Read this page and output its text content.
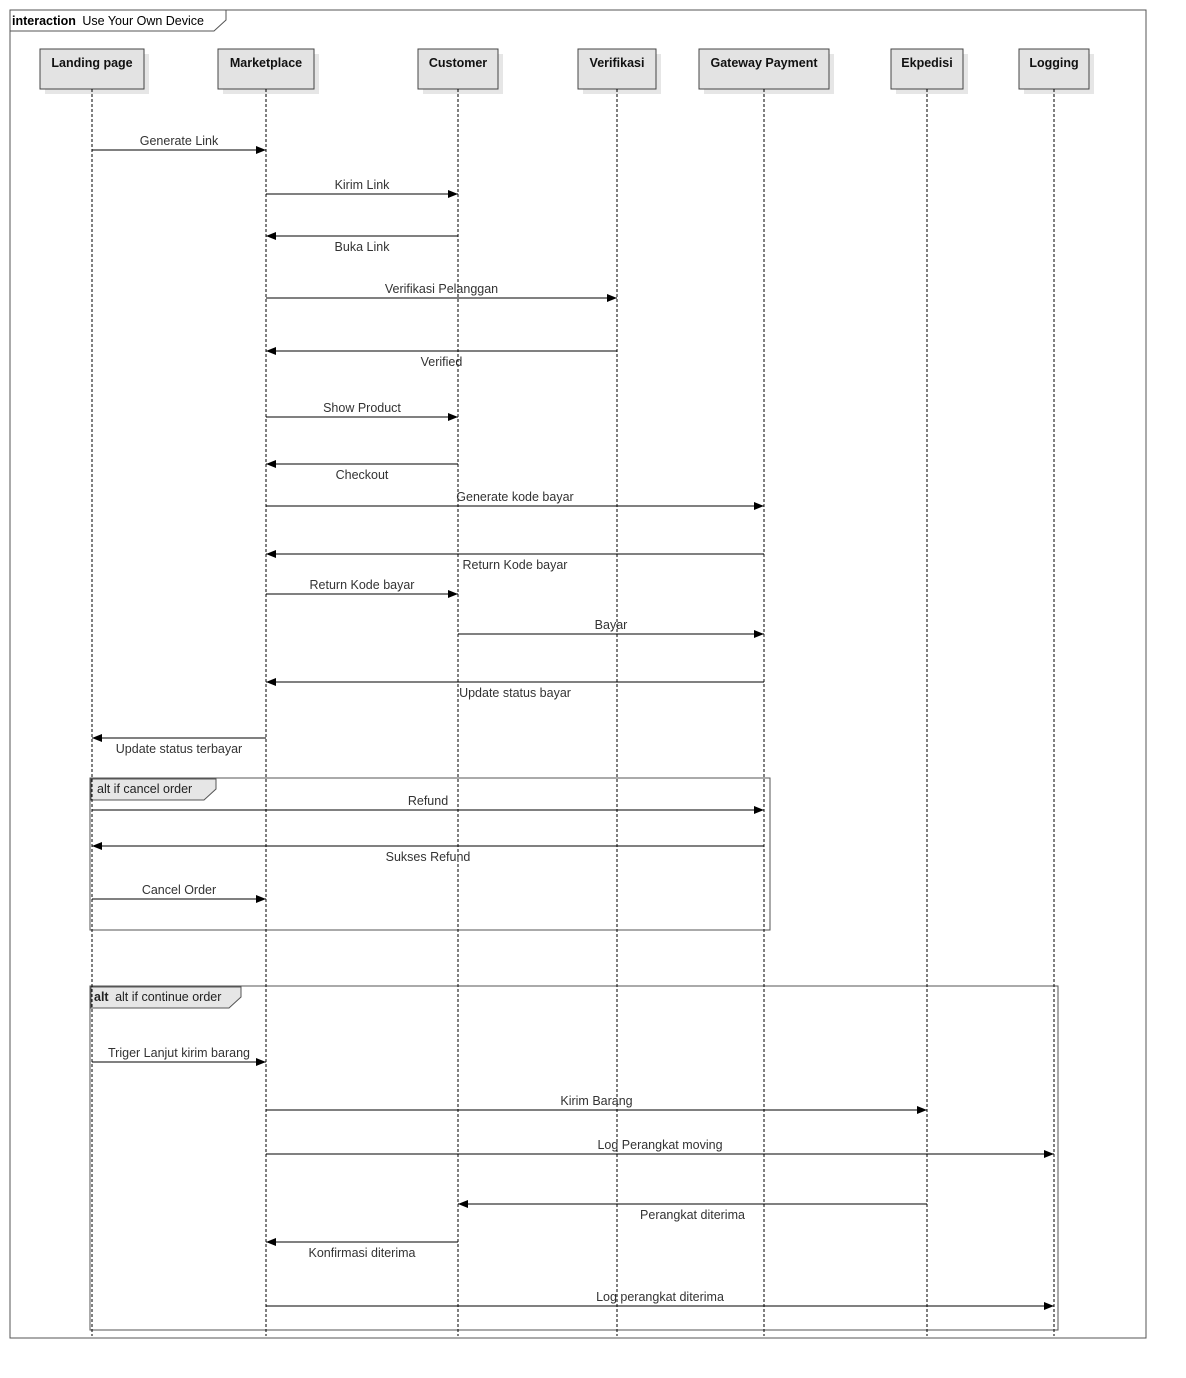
interaction Use Your Own Device
alt if cancel order
alt alt if continue order
Landing page	Marketplace	Customer	Verifikasi	Gateway Payment	Ekpedisi	Logging
Generate Link
Kirim Link
Buka Link
Verifikasi Pelanggan
Verified
Show Product
Checkout
Generate kode bayar
Return Kode bayar
Return Kode bayar
Bayar
Update status bayar
Update status terbayar
Refund
Sukses Refund
Cancel Order
Triger Lanjut kirim barang
Kirim Barang
Log Perangkat moving
Perangkat diterima
Konfirmasi diterima
Log perangkat diterima
